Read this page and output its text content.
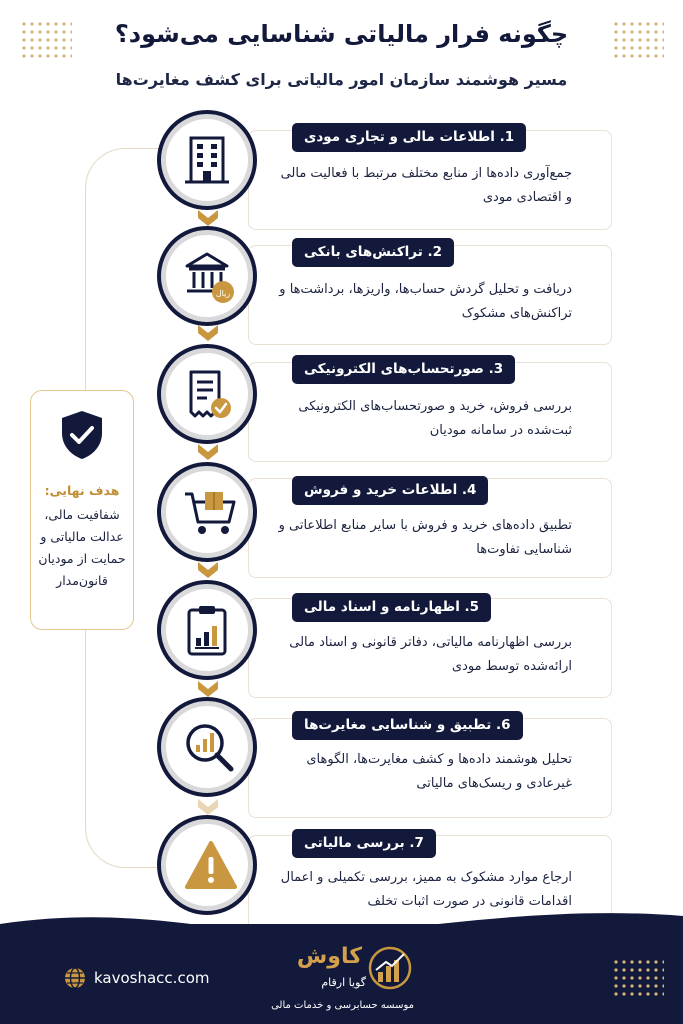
چگونه فرار مالیاتی شناسایی می‌شود؟
مسیر هوشمند سازمان امور مالیاتی برای کشف مغایرت‌ها
هدف نهایی:
شفافیت مالی، عدالت مالیاتی و حمایت از مودیان قانون‌مدار
1. اطلاعات مالی و تجاری مودی
جمع‌آوری داده‌ها از منابع مختلف مرتبط با فعالیت مالی و اقتصادی مودی
2. تراکنش‌های بانکی
دریافت و تحلیل گردش حساب‌ها، واریزها، برداشت‌ها و تراکنش‌های مشکوک
ریال
3. صورتحساب‌های الکترونیکی
بررسی فروش، خرید و صورتحساب‌های الکترونیکی ثبت‌شده در سامانه مودیان
4. اطلاعات خرید و فروش
تطبیق داده‌های خرید و فروش با سایر منابع اطلاعاتی و شناسایی تفاوت‌ها
5. اظهارنامه و اسناد مالی
بررسی اظهارنامه مالیاتی، دفاتر قانونی و اسناد مالی ارائه‌شده توسط مودی
6. تطبیق و شناسایی مغایرت‌ها
تحلیل هوشمند داده‌ها و کشف مغایرت‌ها، الگوهای غیرعادی و ریسک‌های مالیاتی
7. بررسی مالیاتی
ارجاع موارد مشکوک به ممیز، بررسی تکمیلی و اعمال اقدامات قانونی در صورت اثبات تخلف
kavoshacc.com
کاوش
گویا ارقام
موسسه حسابرسی و خدمات مالی
